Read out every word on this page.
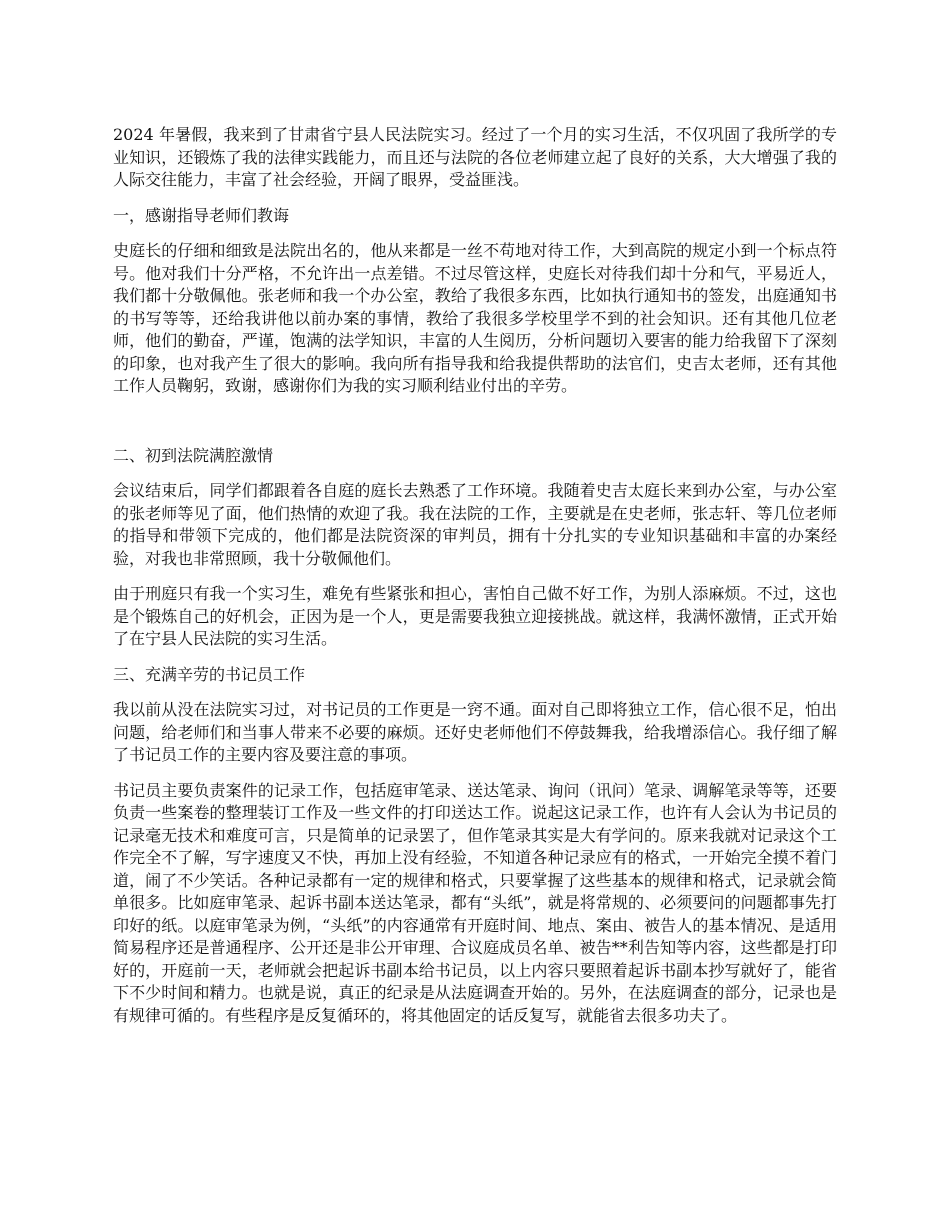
2024 年暑假，我来到了甘肃省宁县人民法院实习。经过了一个月的实习生活，不仅巩固了我所学的专业知识，还锻炼了我的法律实践能力，而且还与法院的各位老师建立起了良好的关系，大大增强了我的人际交往能力，丰富了社会经验，开阔了眼界，受益匪浅。

一，感谢指导老师们教诲

史庭长的仔细和细致是法院出名的，他从来都是一丝不苟地对待工作，大到高院的规定小到一个标点符号。他对我们十分严格，不允许出一点差错。不过尽管这样，史庭长对待我们却十分和气，平易近人，我们都十分敬佩他。张老师和我一个办公室，教给了我很多东西，比如执行通知书的签发，出庭通知书的书写等等，还给我讲他以前办案的事情，教给了我很多学校里学不到的社会知识。还有其他几位老师，他们的勤奋，严谨，饱满的法学知识，丰富的人生阅历，分析问题切入要害的能力给我留下了深刻的印象，也对我产生了很大的影响。我向所有指导我和给我提供帮助的法官们，史吉太老师，还有其他工作人员鞠躬，致谢，感谢你们为我的实习顺利结业付出的辛劳。

二、初到法院满腔激情

会议结束后，同学们都跟着各自庭的庭长去熟悉了工作环境。我随着史吉太庭长来到办公室，与办公室的张老师等见了面，他们热情的欢迎了我。我在法院的工作，主要就是在史老师，张志轩、等几位老师的指导和带领下完成的，他们都是法院资深的审判员，拥有十分扎实的专业知识基础和丰富的办案经验，对我也非常照顾，我十分敬佩他们。

由于刑庭只有我一个实习生，难免有些紧张和担心，害怕自己做不好工作，为别人添麻烦。不过，这也是个锻炼自己的好机会，正因为是一个人，更是需要我独立迎接挑战。就这样，我满怀激情，正式开始了在宁县人民法院的实习生活。

三、充满辛劳的书记员工作

我以前从没在法院实习过，对书记员的工作更是一窍不通。面对自己即将独立工作，信心很不足，怕出问题，给老师们和当事人带来不必要的麻烦。还好史老师他们不停鼓舞我，给我增添信心。我仔细了解了书记员工作的主要内容及要注意的事项。

书记员主要负责案件的记录工作，包括庭审笔录、送达笔录、询问（讯问）笔录、调解笔录等等，还要负责一些案卷的整理装订工作及一些文件的打印送达工作。说起这记录工作，也许有人会认为书记员的记录毫无技术和难度可言，只是简单的记录罢了，但作笔录其实是大有学问的。原来我就对记录这个工作完全不了解，写字速度又不快，再加上没有经验，不知道各种记录应有的格式，一开始完全摸不着门道，闹了不少笑话。各种记录都有一定的规律和格式，只要掌握了这些基本的规律和格式，记录就会简单很多。比如庭审笔录、起诉书副本送达笔录，都有“头纸”，就是将常规的、必须要问的问题都事先打印好的纸。以庭审笔录为例，“头纸”的内容通常有开庭时间、地点、案由、被告人的基本情况、是适用简易程序还是普通程序、公开还是非公开审理、合议庭成员名单、被告**利告知等内容，这些都是打印好的，开庭前一天，老师就会把起诉书副本给书记员，以上内容只要照着起诉书副本抄写就好了，能省下不少时间和精力。也就是说，真正的纪录是从法庭调查开始的。另外，在法庭调查的部分，记录也是有规律可循的。有些程序是反复循环的，将其他固定的话反复写，就能省去很多功夫了。
